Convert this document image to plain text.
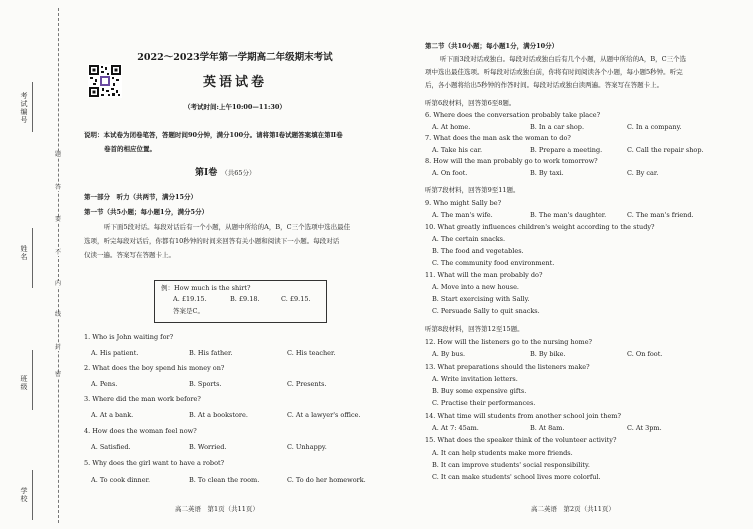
考试编号
班级
姓名
学校
题
答
要
不
内
线
封
密
2022～2023学年第一学期高二年级期末考试
英语试卷
（考试时间:上午10:00—11:30）
说明：本试卷为闭卷笔答，答题时间90分钟，满分100分。请将第Ⅰ卷试题答案填在第Ⅱ卷
卷首的相应位置。
第Ⅰ卷 （共65分）
第一部分　听力（共两节，满分15分）
第一节（共5小题；每小题1分，满分5分）
听下面5段对话。每段对话后有一个小题，从题中所给的A，B，C三个选项中选出最佳
选项，听完每段对话后，你都有10秒钟的时间来回答有关小题和阅读下一小题。每段对话
仅读一遍。答案写在答题卡上。
例：How much is the shirt?
A. £19.15.	B. £9.18.	C. £9.15.
答案是C。
1. Who is John waiting for?
A. His patient.	B. His father.	C. His teacher.
2. What does the boy spend his money on?
A. Pens.	B. Sports.	C. Presents.
3. Where did the man work before?
A. At a bank.	B. At a bookstore.	C. At a lawyer's office.
4. How does the woman feel now?
A. Satisfied.	B. Worried.	C. Unhappy.
5. Why does the girl want to have a robot?
A. To cook dinner.	B. To clean the room.	C. To do her homework.
高二英语　第1页（共11页）
第二节（共10小题；每小题1分，满分10分）
听下面3段对话或独白。每段对话或独白后有几个小题，从题中所给的A，B，C三个选
项中选出最佳选项。听每段对话或独白前，你将有时间阅读各个小题，每小题5秒钟。听完
后，各小题将给出5秒钟的作答时间。每段对话或独白读两遍。答案写在答题卡上。
听第6段材料，回答第6至8题。
6. Where does the conversation probably take place?
A. At home.	B. In a car shop.	C. In a company.
7. What does the man ask the woman to do?
A. Take his car.	B. Prepare a meeting.	C. Call the repair shop.
8. How will the man probably go to work tomorrow?
A. On foot.	B. By taxi.	C. By car.
听第7段材料，回答第9至11题。
9. Who might Sally be?
A. The man's wife.	B. The man's daughter.	C. The man's friend.
10. What greatly influences children's weight according to the study?
A. The certain snacks.
B. The food and vegetables.
C. The community food environment.
11. What will the man probably do?
A. Move into a new house.
B. Start exercising with Sally.
C. Persuade Sally to quit snacks.
听第8段材料，回答第12至15题。
12. How will the listeners go to the nursing home?
A. By bus.	B. By bike.	C. On foot.
13. What preparations should the listeners make?
A. Write invitation letters.
B. Buy some expensive gifts.
C. Practise their performances.
14. What time will students from another school join them?
A. At 7: 45am.	B. At 8am.	C. At 3pm.
15. What does the speaker think of the volunteer activity?
A. It can help students make more friends.
B. It can improve students' social responsibility.
C. It can make students' school lives more colorful.
高二英语　第2页（共11页）
